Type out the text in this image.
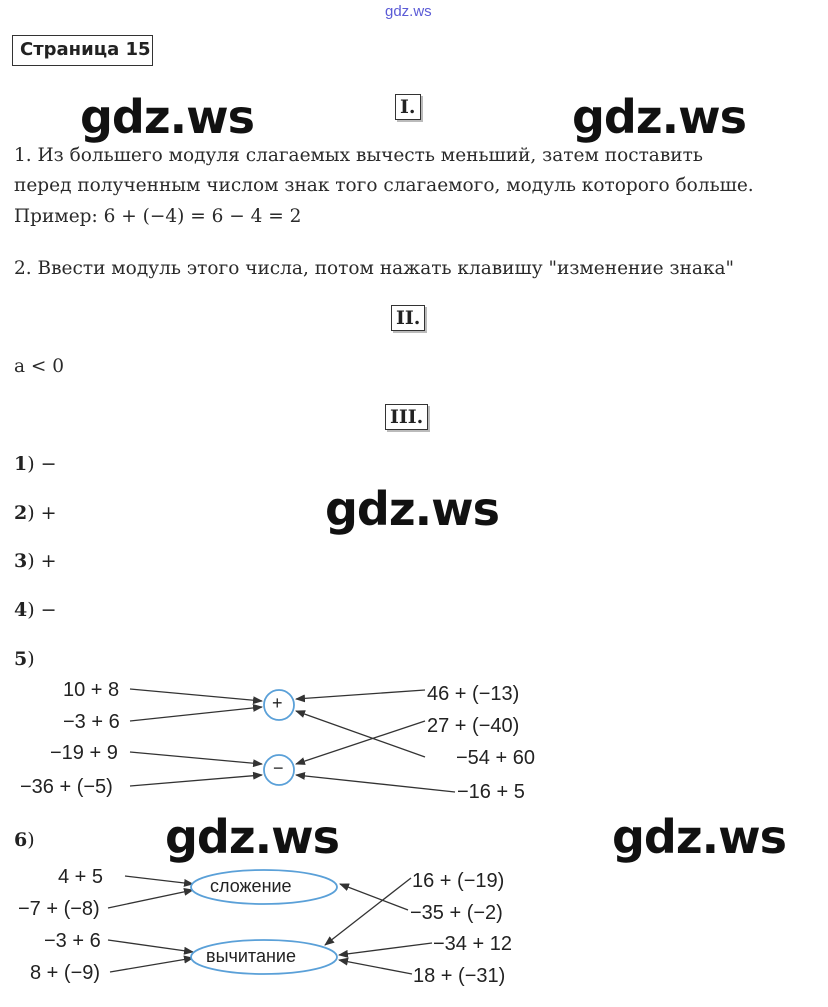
gdz.ws
Страница 15
gdz.ws	gdz.ws
gdz.ws
gdz.ws	gdz.ws
I.
1. Из большего модуля слагаемых вычесть меньший, затем поставить
перед полученным числом знак того слагаемого, модуль которого больше.
Пример: 6 + (−4) = 6 − 4 = 2
2. Ввести модуль этого числа, потом нажать клавишу "изменение знака"
II.
a < 0
III.
1) −
2) +
3) +
4) −
5)
6)
10 + 8
−3 + 6
−19 + 9
−36 + (−5)
46 + (−13)
27 + (−40)
−54 + 60
−16 + 5
+
−
4 + 5
−7 + (−8)
−3 + 6
8 + (−9)
16 + (−19)
−35 + (−2)
−34 + 12
18 + (−31)
сложение
вычитание
